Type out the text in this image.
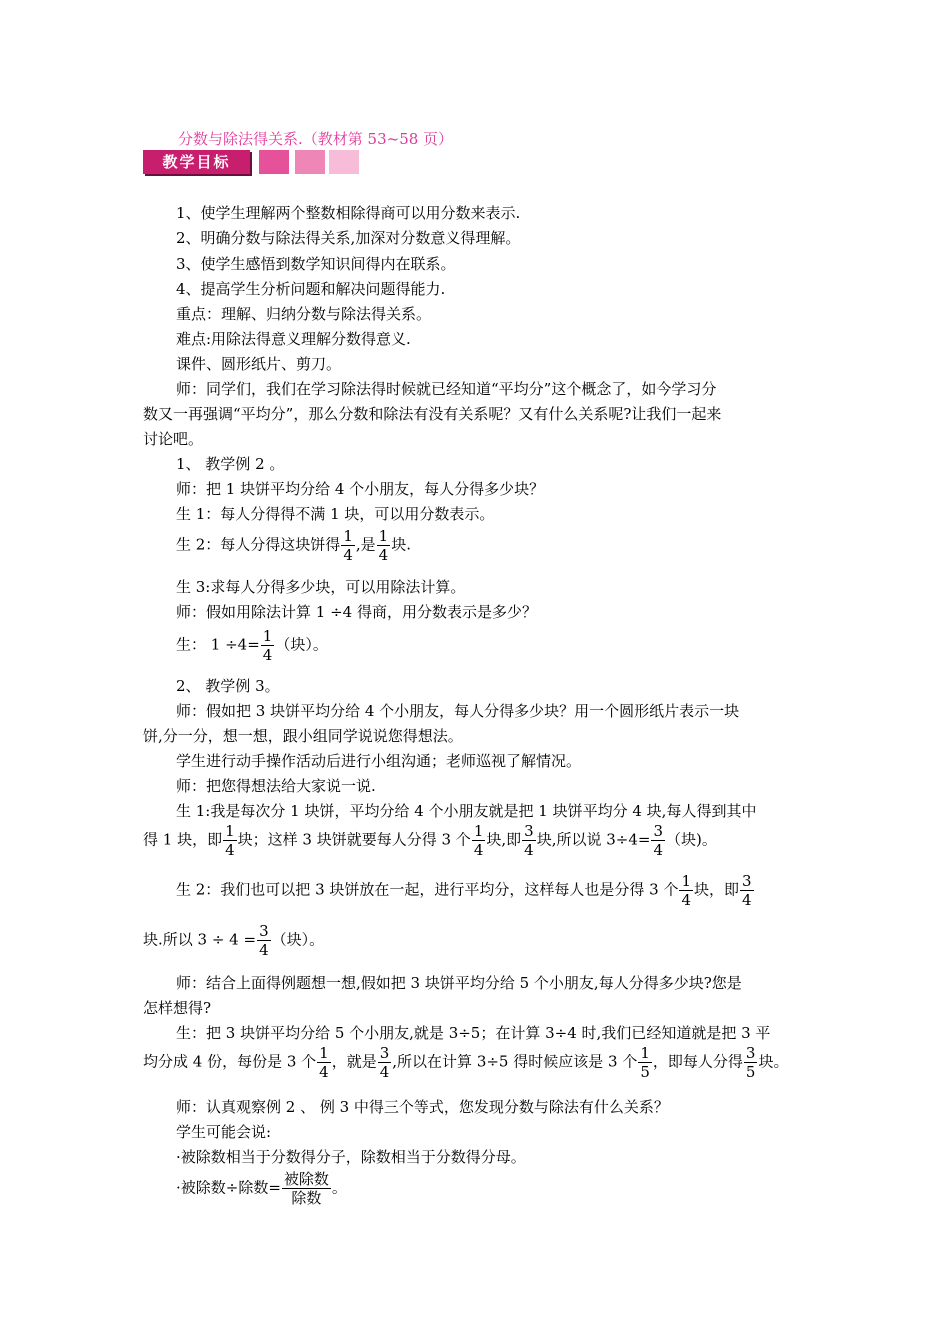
分数与除法得关系.（教材第 53~58 页）
教学目标
1、使学生理解两个整数相除得商可以用分数来表示.
2、明确分数与除法得关系,加深对分数意义得理解。
3、使学生感悟到数学知识间得内在联系。
4、提高学生分析问题和解决问题得能力.
重点：理解、归纳分数与除法得关系。
难点:用除法得意义理解分数得意义.
课件、圆形纸片、剪刀。
师：同学们，我们在学习除法得时候就已经知道“平均分”这个概念了，如今学习分
数又一再强调“平均分”，那么分数和除法有没有关系呢？又有什么关系呢?让我们一起来
讨论吧。
1、 教学例 2 。
师：把 1 块饼平均分给 4 个小朋友，每人分得多少块？
生 1：每人分得得不满 1 块，可以用分数表示。
生 2：每人分得这块饼得 $\frac{1}{4}$ ,是 $\frac{1}{4}$ 块.
生 3:求每人分得多少块，可以用除法计算。
师：假如用除法计算 1 ÷4 得商，用分数表示是多少？
生： $1 \div 4= \frac{1}{4}$ （块）。
2、 教学例 3。
师：假如把 3 块饼平均分给 4 个小朋友，每人分得多少块？用一个圆形纸片表示一块
饼,分一分，想一想，跟小组同学说说您得想法。
学生进行动手操作活动后进行小组沟通；老师巡视了解情况。
师：把您得想法给大家说一说.
生 1:我是每次分 1 块饼，平均分给 4 个小朋友就是把 1 块饼平均分 4 块,每人得到其中
得 1 块，即 $\frac{1}{4}$ 块；这样 3 块饼就要每人分得 3 个 $\frac{1}{4}$ 块,即 $\frac{3}{4}$ 块,所以说 $3\div 4= \frac{3}{4}$ （块)。
生 2：我们也可以把 3 块饼放在一起，进行平均分，这样每人也是分得 3 个 $\frac{1}{4}$ 块，即 $\frac{3}{4}$
块.所以 $3 \div 4 = \frac{3}{4}$ （块）。
师：结合上面得例题想一想,假如把 3 块饼平均分给 5 个小朋友,每人分得多少块?您是
怎样想得?
生：把 3 块饼平均分给 5 个小朋友,就是 3÷5；在计算 3÷4 时,我们已经知道就是把 3 平
均分成 4 份，每份是 3 个 $\frac{1}{4}$ ，就是 $\frac{3}{4}$ ,所以在计算 3÷5 得时候应该是 3 个 $\frac{1}{5}$ ，即每人分得 $\frac{3}{5}$ 块。
师：认真观察例 2 、 例 3 中得三个等式，您发现分数与除法有什么关系？
学生可能会说:
·被除数相当于分数得分子，除数相当于分数得分母。
·被除数÷除数= $\frac{\text{被除数}}{\text{除数}}$ 。
